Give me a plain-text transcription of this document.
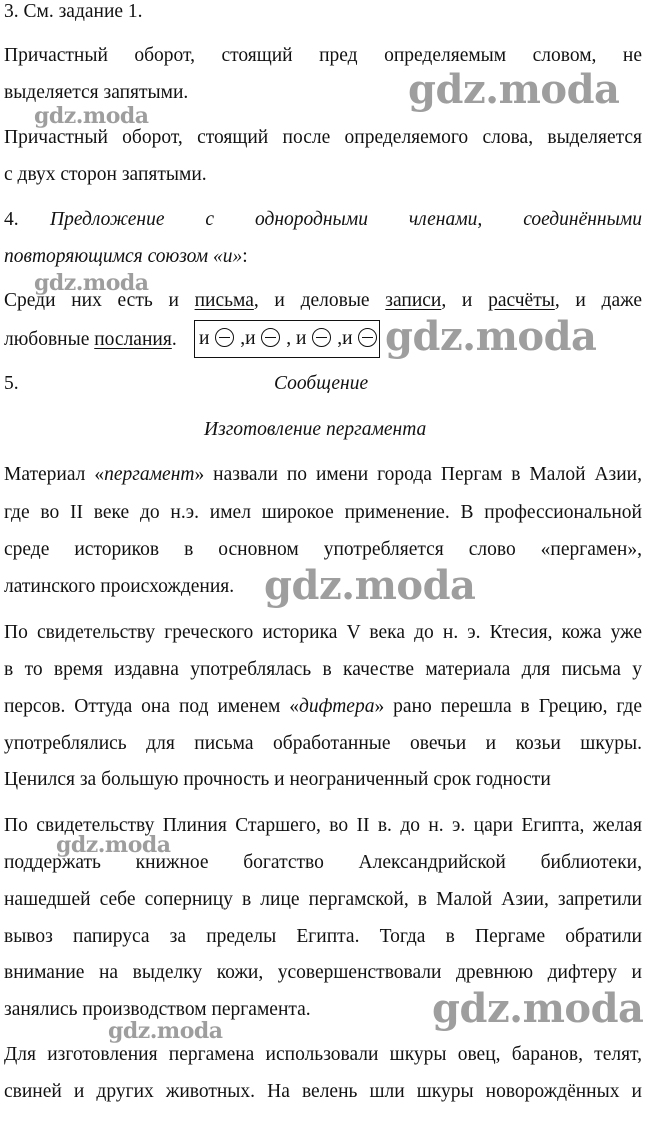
3. См. задание 1.
Причастный оборот, стоящий пред определяемым словом, не
выделяется запятыми.
Причастный оборот, стоящий после определяемого слова, выделяется
с двух сторон запятыми.
4. Предложение с однородными членами, соединёнными
повторяющимся союзом «и»:
Среди них есть и письма, и деловые записи, и расчёты, и даже
любовные послания.	и  ,и  , и  ,и
5.	Сообщение
Изготовление пергамента
Материал «пергамент» назвали по имени города Пергам в Малой Азии,
где во II веке до н.э. имел широкое применение. В профессиональной
среде историков в основном употребляется слово «пергамен»,
латинского происхождения.
По свидетельству греческого историка V века до н. э. Ктесия, кожа уже
в то время издавна употреблялась в качестве материала для письма у
персов. Оттуда она под именем «дифтера» рано перешла в Грецию, где
употреблялись для письма обработанные овечьи и козьи шкуры.
Ценился за большую прочность и неограниченный срок годности
По свидетельству Плиния Старшего, во II в. до н. э. цари Египта, желая
поддержать книжное богатство Александрийской библиотеки,
нашедшей себе соперницу в лице пергамской, в Малой Азии, запретили
вывоз папируса за пределы Египта. Тогда в Пергаме обратили
внимание на выделку кожи, усовершенствовали древнюю дифтеру и
занялись производством пергамента.
Для изготовления пергамена использовали шкуры овец, баранов, телят,
свиней и других животных. На велень шли шкуры новорождённых и
gdz.moda
gdz.moda
gdz.moda
gdz.moda
gdz.moda
gdz.moda
gdz.moda
gdz.moda
